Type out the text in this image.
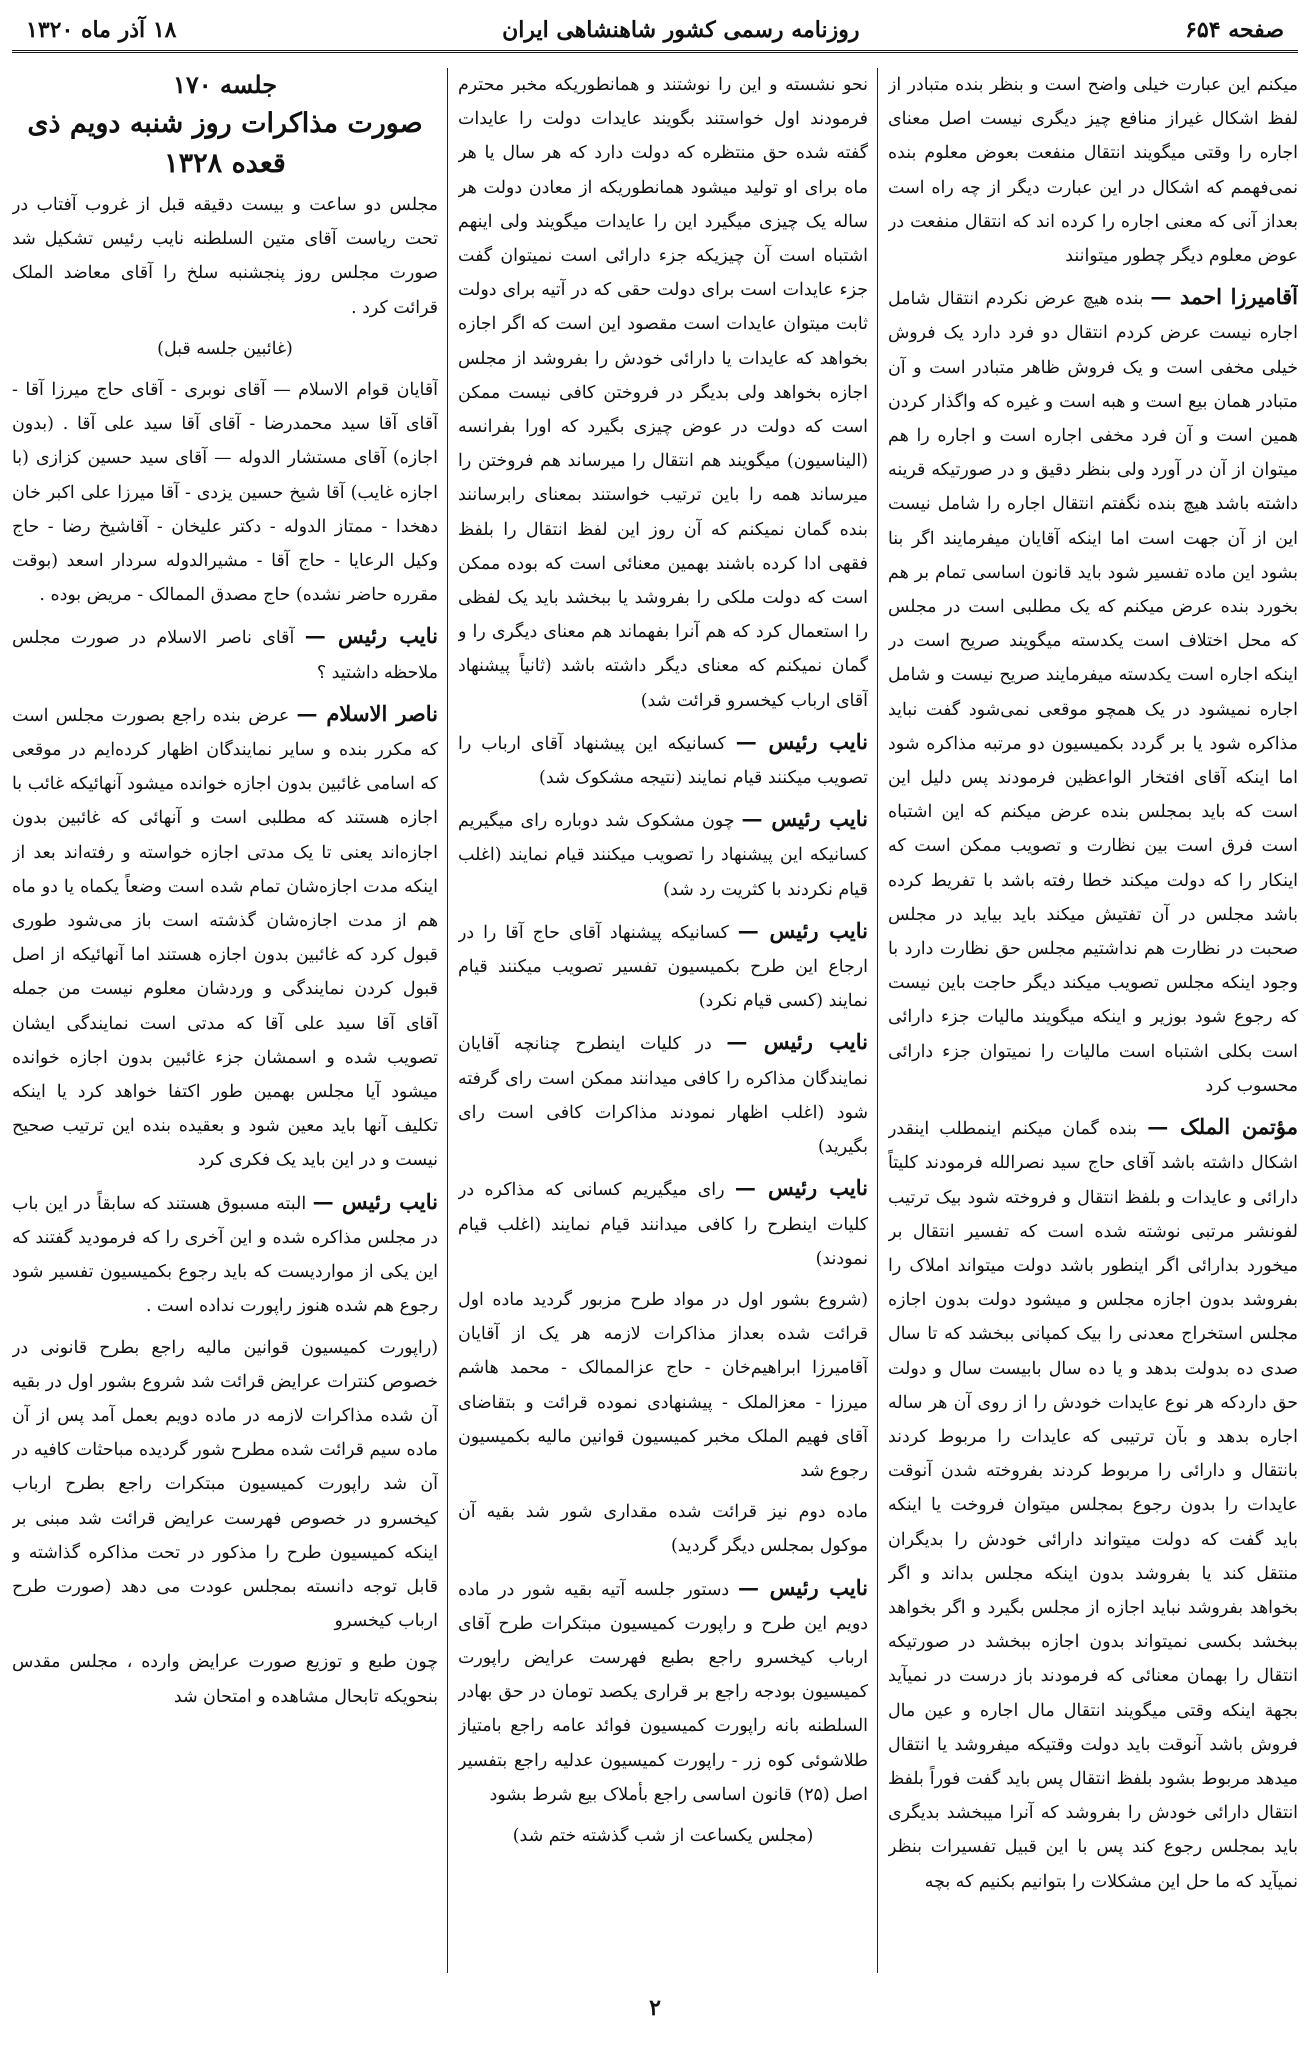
صفحه ۶۵۴
روزنامه رسمی کشور شاهنشاهی ایران
۱۸ آذر ماه ۱۳۲۰

میکنم این عبارت خیلی واضح است و بنظر بنده متبادر از لفظ اشکال غیراز منافع چیز دیگری نیست اصل معنای اجاره را وقتی میگویند انتقال منفعت بعوض معلوم بنده نمی‌فهمم که اشکال در این عبارت دیگر از چه راه است بعداز آنی که معنی اجاره را کرده اند که انتقال منفعت در عوض معلوم دیگر چطور میتوانند

آقامیرزا احمد — بنده هیچ عرض نکردم انتقال شامل اجاره نیست عرض کردم انتقال دو فرد دارد یک فروش خیلی مخفی است و یک فروش ظاهر متبادر است و آن متبادر همان بیع است و هبه است و غیره که واگذار کردن همین است و آن فرد مخفی اجاره است و اجاره را هم میتوان از آن در آورد ولی بنظر دقیق و در صورتیکه قرینه داشته باشد هیچ بنده نگفتم انتقال اجاره را شامل نیست این از آن جهت است اما اینکه آقایان میفرمایند اگر بنا بشود این ماده تفسیر شود باید قانون اساسی تمام بر هم بخورد بنده عرض میکنم که یک مطلبی است در مجلس که محل اختلاف است یکدسته میگویند صریح است در اینکه اجاره است یکدسته میفرمایند صریح نیست و شامل اجاره نمیشود در یک همچو موقعی نمی‌شود گفت نباید مذاکره شود یا بر گردد بکمیسیون دو مرتبه مذاکره شود اما اینکه آقای افتخار الواعظین فرمودند پس دلیل این است که باید بمجلس بنده عرض میکنم که این اشتباه است فرق است بین نظارت و تصویب ممکن است که اینکار را که دولت میکند خطا رفته باشد با تفریط کرده باشد مجلس در آن تفتیش میکند باید بیاید در مجلس صحبت در نظارت هم نداشتیم مجلس حق نظارت دارد با وجود اینکه مجلس تصویب میکند دیگر حاجت باین نیست که رجوع شود بوزیر و اینکه میگویند مالیات جزء دارائی است بکلی اشتباه است مالیات را نمیتوان جزء دارائی محسوب کرد

مؤتمن الملک — بنده گمان میکنم اینمطلب اینقدر اشکال داشته باشد آقای حاج سید نصرالله فرمودند کلیتاً دارائی و عایدات و بلفظ انتقال و فروخته شود بیک ترتیب لفونشر مرتبی نوشته شده است که تفسیر انتقال بر میخورد بدارائی اگر اینطور باشد دولت میتواند املاک را بفروشد بدون اجازه مجلس و میشود دولت بدون اجازه مجلس استخراج معدنی را بیک کمپانی ببخشد که تا سال صدی ده بدولت بدهد و یا ده سال بابیست سال و دولت حق داردکه هر نوع عایدات خودش را از روی آن هر ساله اجاره بدهد و بآن ترتیبی که عایدات را مربوط کردند بانتقال و دارائی را مربوط کردند بفروخته شدن آنوقت عایدات را بدون رجوع بمجلس میتوان فروخت یا اینکه باید گفت که دولت میتواند دارائی خودش را بدیگران منتقل کند یا بفروشد بدون اینکه مجلس بداند و اگر بخواهد بفروشد نباید اجازه از مجلس بگیرد و اگر بخواهد ببخشد بکسی نمیتواند بدون اجازه ببخشد در صورتیکه انتقال را بهمان معنائی که فرمودند باز درست در نمیآید بجهة اینکه وقتی میگویند انتقال مال اجاره و عین مال فروش باشد آنوقت باید دولت وقتیکه میفروشد یا انتقال میدهد مربوط بشود بلفظ انتقال پس باید گفت فوراً بلفظ انتقال دارائی خودش را بفروشد که آنرا میبخشد بدیگری باید بمجلس رجوع کند پس با این قبیل تفسیرات بنظر نمیآید که ما حل این مشکلات را بتوانیم بکنیم که بچه

نحو نشسته و این را نوشتند و همانطوریکه مخبر محترم فرمودند اول خواستند بگویند عایدات دولت را عایدات گفته شده حق منتظره که دولت دارد که هر سال یا هر ماه برای او تولید میشود همانطوریکه از معادن دولت هر ساله یک چیزی میگیرد این را عایدات میگویند ولی اینهم اشتباه است آن چیزیکه جزء دارائی است نمیتوان گفت جزء عایدات است برای دولت حقی که در آتیه برای دولت ثابت میتوان عایدات است مقصود این است که اگر اجازه بخواهد که عایدات یا دارائی خودش را بفروشد از مجلس اجازه بخواهد ولی بدیگر در فروختن کافی نیست ممکن است که دولت در عوض چیزی بگیرد که اورا بفرانسه (الیناسیون) میگویند هم انتقال را میرساند هم فروختن را میرساند همه را باین ترتیب خواستند بمعنای رابرسانند بنده گمان نمیکنم که آن روز این لفظ انتقال را بلفظ فقهی ادا کرده باشند بهمین معنائی است که بوده ممکن است که دولت ملکی را بفروشد یا ببخشد باید یک لفظی را استعمال کرد که هم آنرا بفهماند هم معنای دیگری را و گمان نمیکنم که معنای دیگر داشته باشد (ثانیاً پیشنهاد آقای ارباب کیخسرو قرائت شد)

نایب رئیس — کسانیکه این پیشنهاد آقای ارباب را تصویب میکنند قیام نمایند (نتیجه مشکوک شد)

نایب رئیس — چون مشکوک شد دوباره رای میگیریم کسانیکه این پیشنهاد را تصویب میکنند قیام نمایند (اغلب قیام نکردند با کثریت رد شد)

نایب رئیس — کسانیکه پیشنهاد آقای حاج آقا را در ارجاع این طرح بکمیسیون تفسیر تصویب میکنند قیام نمایند (کسی قیام نکرد)

نایب رئیس — در کلیات اینطرح چنانچه آقایان نمایندگان مذاکره را کافی میدانند ممکن است رای گرفته شود (اغلب اظهار نمودند مذاکرات کافی است رای بگیرید)

نایب رئیس — رای میگیریم کسانی که مذاکره در کلیات اینطرح را کافی میدانند قیام نمایند (اغلب قیام نمودند)

(شروع بشور اول در مواد طرح مزبور گردید ماده اول قرائت شده بعداز مذاکرات لازمه هر یک از آقایان آقامیرزا ابراهیم‌خان - حاج عزالممالک - محمد هاشم میرزا - معزالملک - پیشنهادی نموده قرائت و بتقاضای آقای فهیم الملک مخبر کمیسیون قوانین مالیه بکمیسیون رجوع شد

ماده دوم نیز قرائت شده مقداری شور شد بقیه آن موکول بمجلس دیگر گردید)

نایب رئیس — دستور جلسه آتیه بقیه شور در ماده دویم این طرح و راپورت کمیسیون مبتکرات طرح آقای ارباب کیخسرو راجع بطبع فهرست عرایض راپورت کمیسیون بودجه راجع بر قراری یکصد تومان در حق بهادر السلطنه بانه راپورت کمیسیون فوائد عامه راجع بامتیاز طلاشوئی کوه زر - راپورت کمیسیون عدلیه راجع بتفسیر اصل (۲۵) قانون اساسی راجع بأملاک بیع شرط بشود

(مجلس یکساعت از شب گذشته ختم شد)

جلسه ۱۷۰
صورت مذاکرات روز شنبه دویم ذی قعده ۱۳۲۸

مجلس دو ساعت و بیست دقیقه قبل از غروب آفتاب در تحت ریاست آقای متین السلطنه نایب رئیس تشکیل شد صورت مجلس روز پنجشنبه سلخ را آقای معاضد الملک قرائت کرد .

(غائبین جلسه قبل)

آقایان قوام الاسلام — آقای نوبری - آقای حاج میرزا آقا - آقای آقا سید محمدرضا - آقای آقا سید علی آقا . (بدون اجازه) آقای مستشار الدوله — آقای سید حسین کزازی (با اجازه غایب) آقا شیخ حسین یزدی - آقا میرزا علی اکبر خان دهخدا - ممتاز الدوله - دکتر علیخان - آقاشیخ رضا - حاج وکیل الرعایا - حاج آقا - مشیرالدوله سردار اسعد (بوقت مقرره حاضر نشده) حاج مصدق الممالک - مریض بوده .

نایب رئیس — آقای ناصر الاسلام در صورت مجلس ملاحظه داشتید ؟

ناصر الاسلام — عرض بنده راجع بصورت مجلس است که مکرر بنده و سایر نمایندگان اظهار کرده‌ایم در موقعی که اسامی غائبین بدون اجازه خوانده میشود آنهائیکه غائب با اجازه هستند که مطلبی است و آنهائی که غائبین بدون اجازه‌اند یعنی تا یک مدتی اجازه خواسته و رفته‌اند بعد از اینکه مدت اجازه‌شان تمام شده است وضعاً یکماه یا دو ماه هم از مدت اجازه‌شان گذشته است باز می‌شود طوری قبول کرد که غائبین بدون اجازه هستند اما آنهائیکه از اصل قبول کردن نمایندگی و وردشان معلوم نیست من جمله آقای آقا سید علی آقا که مدتی است نمایندگی ایشان تصویب شده و اسمشان جزء غائبین بدون اجازه خوانده میشود آیا مجلس بهمین طور اکتفا خواهد کرد یا اینکه تکلیف آنها باید معین شود و بعقیده بنده این ترتیب صحیح نیست و در این باید یک فکری کرد

نایب رئیس — البته مسبوق هستند که سابقاً در این باب در مجلس مذاکره شده و این آخری را که فرمودید گفتند که این یکی از مواردیست که باید رجوع بکمیسیون تفسیر شود رجوع هم شده هنوز راپورت نداده است .

(راپورت کمیسیون قوانین مالیه راجع بطرح قانونی در خصوص کنترات عرایض قرائت شد شروع بشور اول در بقیه آن شده مذاکرات لازمه در ماده دویم بعمل آمد پس از آن ماده سیم قرائت شده مطرح شور گردیده مباحثات کافیه در آن شد راپورت کمیسیون مبتکرات راجع بطرح ارباب کیخسرو در خصوص فهرست عرایض قرائت شد مبنی بر اینکه کمیسیون طرح را مذکور در تحت مذاکره گذاشته و قابل توجه دانسته بمجلس عودت می دهد (صورت طرح ارباب کیخسرو

چون طبع و توزیع صورت عرایض وارده ، مجلس مقدس بنحویکه تابحال مشاهده و امتحان شد

۲
